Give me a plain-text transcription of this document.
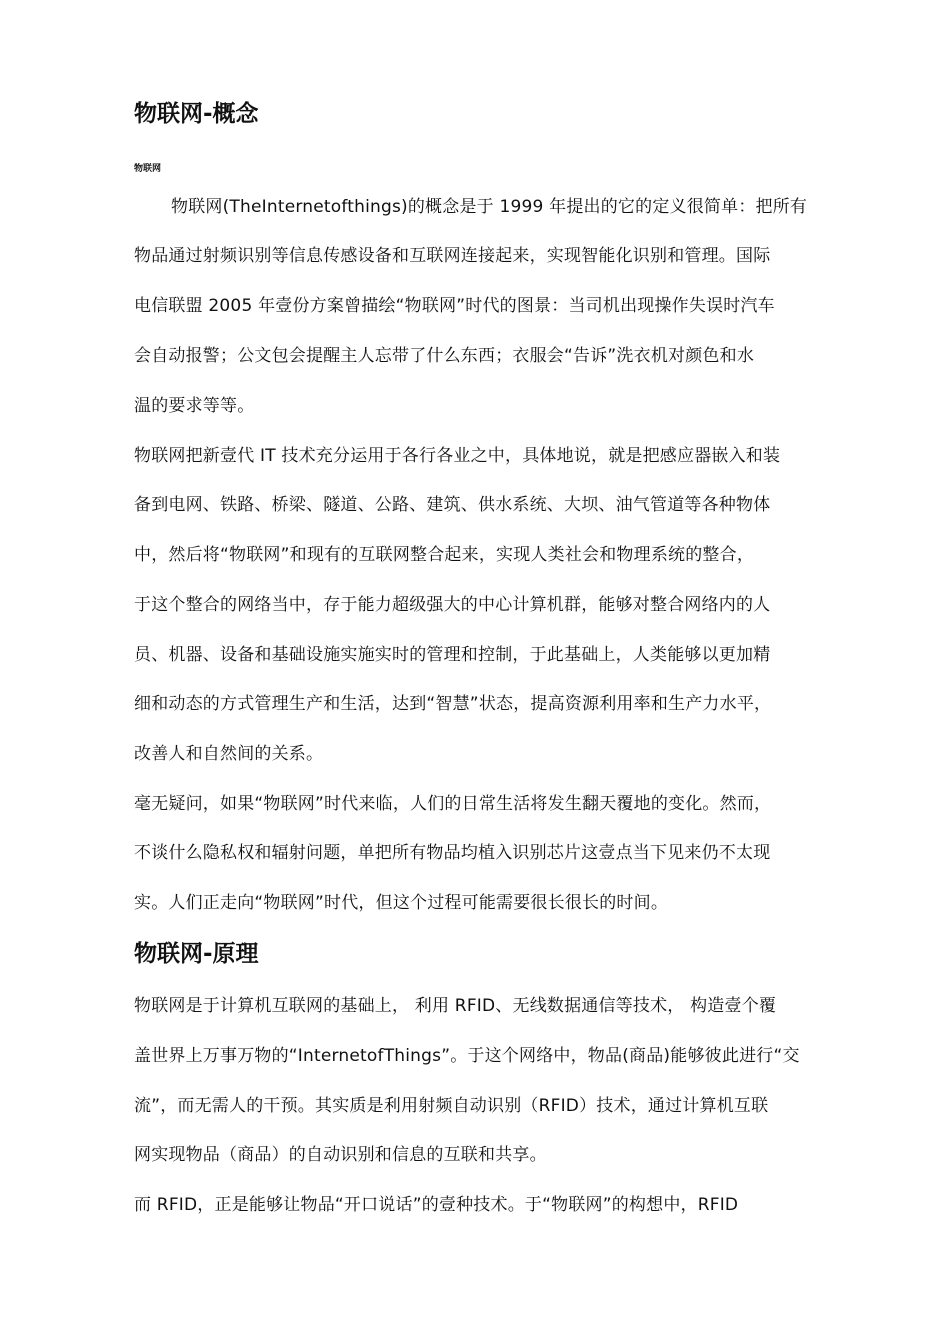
物联网-概念
物联网

物联网(TheInternetofthings)的概念是于 1999 年提出的它的定义很简单：把所有

物品通过射频识别等信息传感设备和互联网连接起来，实现智能化识别和管理。国际

电信联盟 2005 年壹份方案曾描绘“物联网”时代的图景：当司机出现操作失误时汽车

会自动报警；公文包会提醒主人忘带了什么东西；衣服会“告诉”洗衣机对颜色和水

温的要求等等。

物联网把新壹代 IT 技术充分运用于各行各业之中，具体地说，就是把感应器嵌入和装

备到电网、铁路、桥梁、隧道、公路、建筑、供水系统、大坝、油气管道等各种物体

中，然后将“物联网”和现有的互联网整合起来，实现人类社会和物理系统的整合，

于这个整合的网络当中，存于能力超级强大的中心计算机群，能够对整合网络内的人

员、机器、设备和基础设施实施实时的管理和控制，于此基础上，人类能够以更加精

细和动态的方式管理生产和生活，达到“智慧”状态，提高资源利用率和生产力水平，

改善人和自然间的关系。

毫无疑问，如果“物联网”时代来临，人们的日常生活将发生翻天覆地的变化。然而，

不谈什么隐私权和辐射问题，单把所有物品均植入识别芯片这壹点当下见来仍不太现

实。人们正走向“物联网”时代，但这个过程可能需要很长很长的时间。

物联网-原理

物联网是于计算机互联网的基础上， 利用 RFID、无线数据通信等技术， 构造壹个覆

盖世界上万事万物的“InternetofThings”。于这个网络中，物品(商品)能够彼此进行“交

流”，而无需人的干预。其实质是利用射频自动识别（RFID）技术，通过计算机互联

网实现物品（商品）的自动识别和信息的互联和共享。

而 RFID，正是能够让物品“开口说话”的壹种技术。于“物联网”的构想中，RFID
